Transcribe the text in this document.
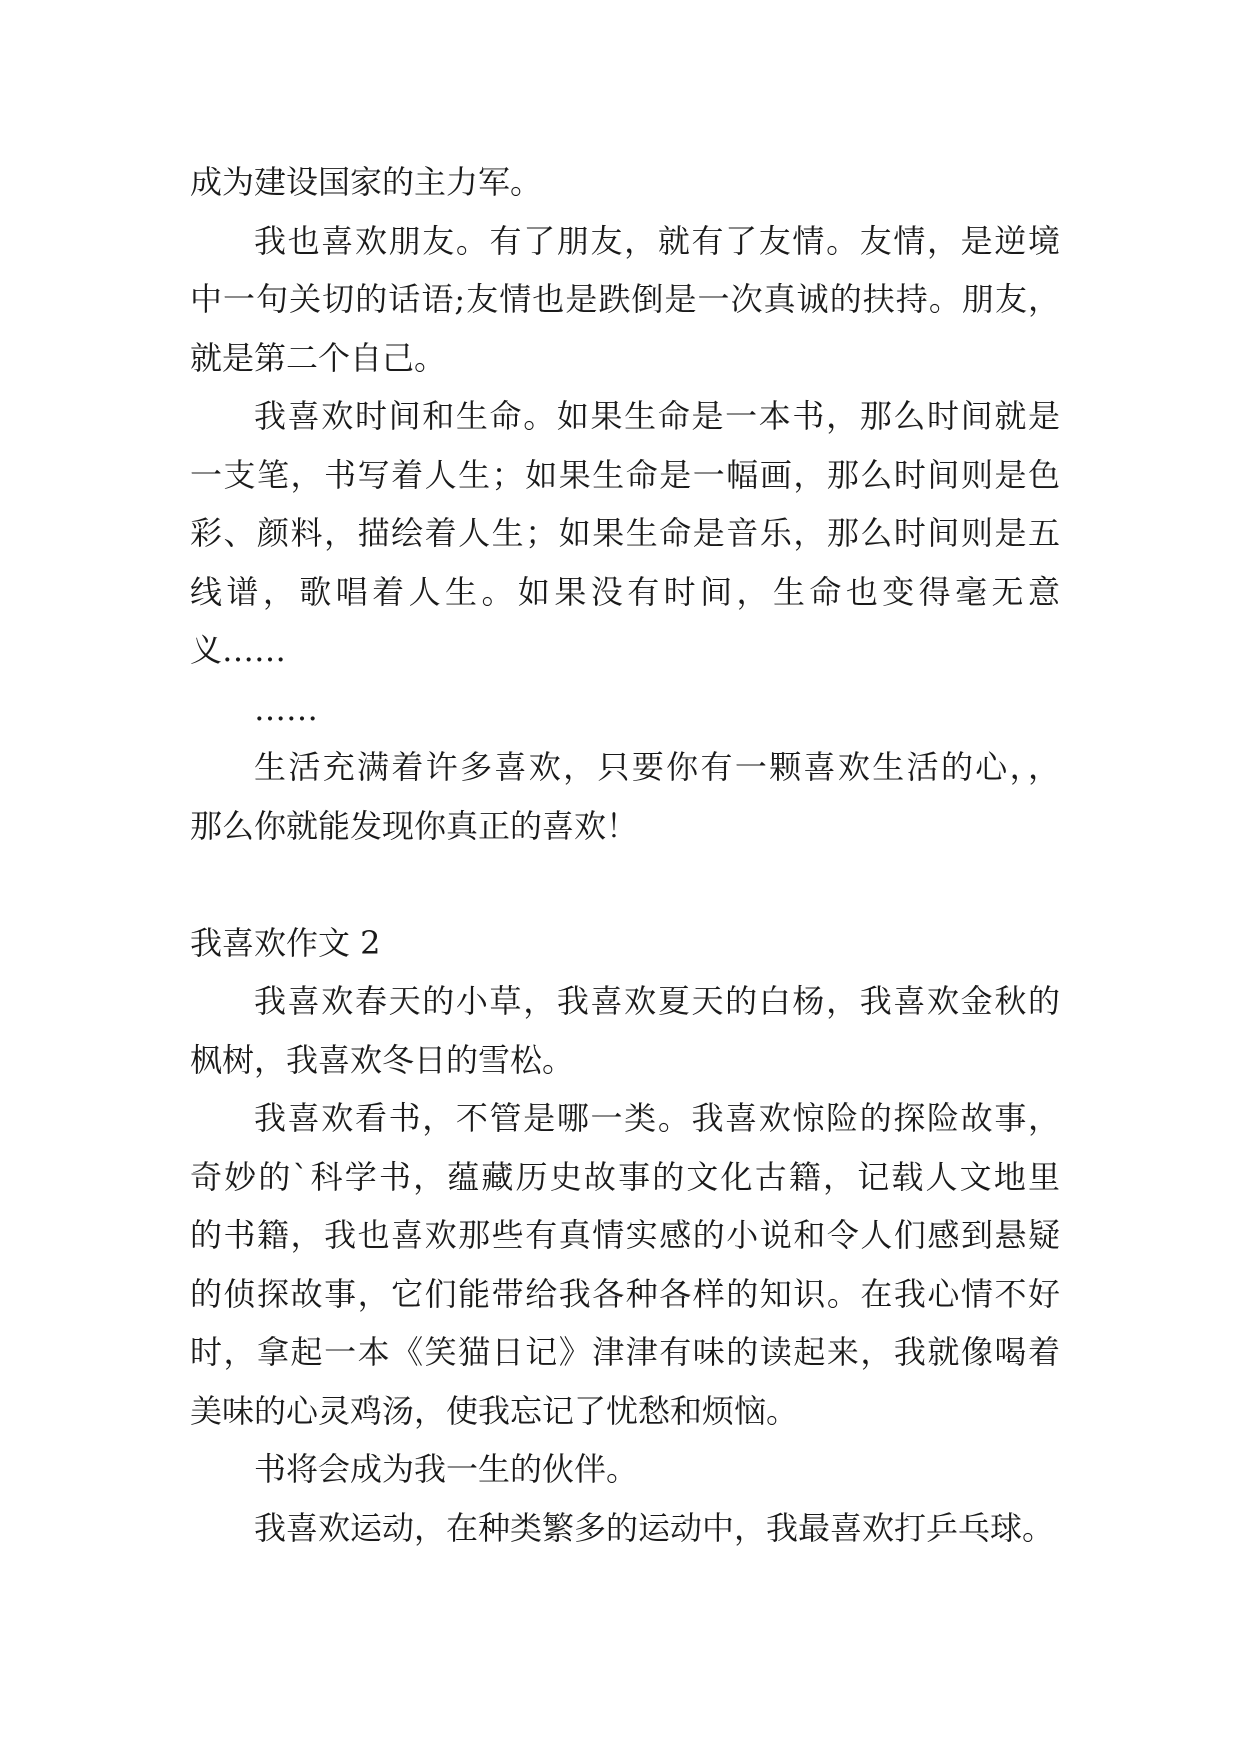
成为建设国家的主力军。
我也喜欢朋友。有了朋友，就有了友情。友情，是逆境
中一句关切的话语;友情也是跌倒是一次真诚的扶持。朋友，
就是第二个自己。
我喜欢时间和生命。如果生命是一本书，那么时间就是
一支笔，书写着人生；如果生命是一幅画，那么时间则是色
彩、颜料，描绘着人生；如果生命是音乐，那么时间则是五
线谱，歌唱着人生。如果没有时间，生命也变得毫无意
义……
……
生活充满着许多喜欢，只要你有一颗喜欢生活的心，，
那么你就能发现你真正的喜欢！
我喜欢作文 2
我喜欢春天的小草，我喜欢夏天的白杨，我喜欢金秋的
枫树，我喜欢冬日的雪松。
我喜欢看书，不管是哪一类。我喜欢惊险的探险故事，
奇妙的`科学书，蕴藏历史故事的文化古籍，记载人文地里
的书籍，我也喜欢那些有真情实感的小说和令人们感到悬疑
的侦探故事，它们能带给我各种各样的知识。在我心情不好
时，拿起一本《笑猫日记》津津有味的读起来，我就像喝着
美味的心灵鸡汤，使我忘记了忧愁和烦恼。
书将会成为我一生的伙伴。
我喜欢运动，在种类繁多的运动中，我最喜欢打乒乓球。
